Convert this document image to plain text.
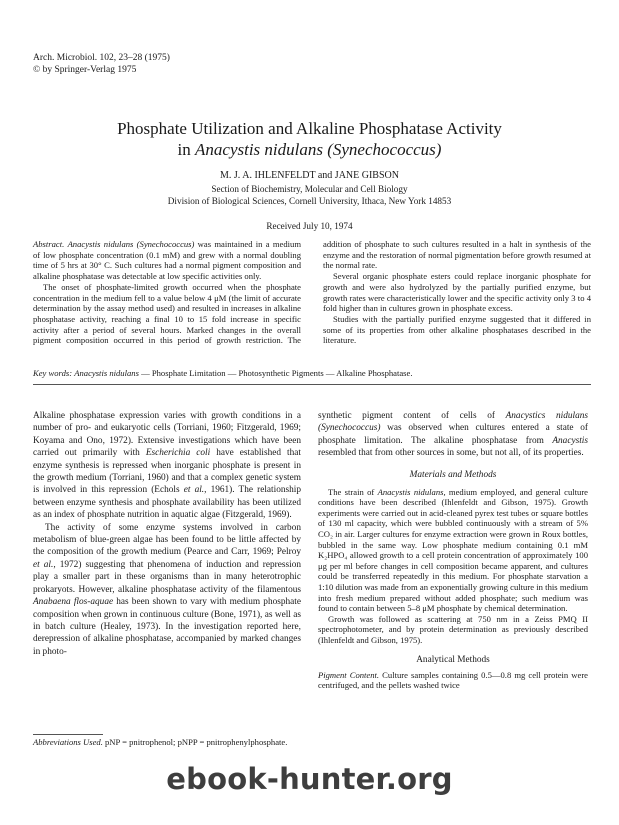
Arch. Microbiol. 102, 23–28 (1975)
© by Springer-Verlag 1975
Phosphate Utilization and Alkaline Phosphatase Activity
in Anacystis nidulans (Synechococcus)
M. J. A. IHLENFELDT and JANE GIBSON
Section of Biochemistry, Molecular and Cell Biology
Division of Biological Sciences, Cornell University, Ithaca, New York 14853
Received July 10, 1974

Abstract. Anacystis nidulans (Synechococcus) was maintained in a medium of low phosphate concentration (0.1 mM) and grew with a normal doubling time of 5 hrs at 30° C. Such cultures had a normal pigment composition and alkaline phosphatase was detectable at low specific activities only.

The onset of phosphate-limited growth occurred when the phosphate concentration in the medium fell to a value below 4 μM (the limit of accurate determination by the assay method used) and resulted in increases in alkaline phosphatase activity, reaching a final 10 to 15 fold increase in specific activity after a period of several hours. Marked changes in the overall pigment composition occurred in this period of growth restriction. The addition of phosphate to such cultures resulted in a halt in synthesis of the enzyme and the restoration of normal pigmentation before growth resumed at the normal rate.

Several organic phosphate esters could replace inorganic phosphate for growth and were also hydrolyzed by the partially purified enzyme, but growth rates were characteristically lower and the specific activity only 3 to 4 fold higher than in cultures grown in phosphate excess.

Studies with the partially purified enzyme suggested that it differed in some of its properties from other alkaline phosphatases described in the literature.

Key words: Anacystis nidulans — Phosphate Limitation — Photosynthetic Pigments — Alkaline Phosphatase.

Alkaline phosphatase expression varies with growth conditions in a number of pro- and eukaryotic cells (Torriani, 1960; Fitzgerald, 1969; Koyama and Ono, 1972). Extensive investigations which have been carried out primarily with Escherichia coli have established that enzyme synthesis is repressed when inorganic phosphate is present in the growth medium (Torriani, 1960) and that a complex genetic system is involved in this repression (Echols et al., 1961). The relationship between enzyme synthesis and phosphate availability has been utilized as an index of phosphate nutrition in aquatic algae (Fitzgerald, 1969).

The activity of some enzyme systems involved in carbon metabolism of blue-green algae has been found to be little affected by the composition of the growth medium (Pearce and Carr, 1969; Pelroy et al., 1972) suggesting that phenomena of induction and repression play a smaller part in these organisms than in many heterotrophic prokaryots. However, alkaline phosphatase activity of the filamentous Anabaena flos-aquae has been shown to vary with medium phosphate composition when grown in continuous culture (Bone, 1971), as well as in batch culture (Healey, 1973). In the investigation reported here, derepression of alkaline phosphatase, accompanied by marked changes in photo-

Abbreviations Used. pNP = pnitrophenol; pNPP = pnitrophenylphosphate.

synthetic pigment content of cells of Anacystics nidulans (Synechococcus) was observed when cultures entered a state of phosphate limitation. The alkaline phosphatase from Anacystis resembled that from other sources in some, but not all, of its properties.

Materials and Methods

The strain of Anacystis nidulans, medium employed, and general culture conditions have been described (Ihlenfeldt and Gibson, 1975). Growth experiments were carried out in acid-cleaned pyrex test tubes or square bottles of 130 ml capacity, which were bubbled continuously with a stream of 5% CO₂ in air. Larger cultures for enzyme extraction were grown in Roux bottles, bubbled in the same way. Low phosphate medium containing 0.1 mM K₂HPO₄ allowed growth to a cell protein concentration of approximately 100 μg per ml before changes in cell composition became apparent, and cultures could be transferred repeatedly in this medium. For phosphate starvation a 1:10 dilution was made from an exponentially growing culture in this medium into fresh medium prepared without added phosphate; such medium was found to contain between 5–8 μM phosphate by chemical determination.

Growth was followed as scattering at 750 nm in a Zeiss PMQ II spectrophotometer, and by protein determination as previously described (Ihlenfeldt and Gibson, 1975).

Analytical Methods

Pigment Content. Culture samples containing 0.5—0.8 mg cell protein were centrifuged, and the pellets washed twice

ebook-hunter.org
